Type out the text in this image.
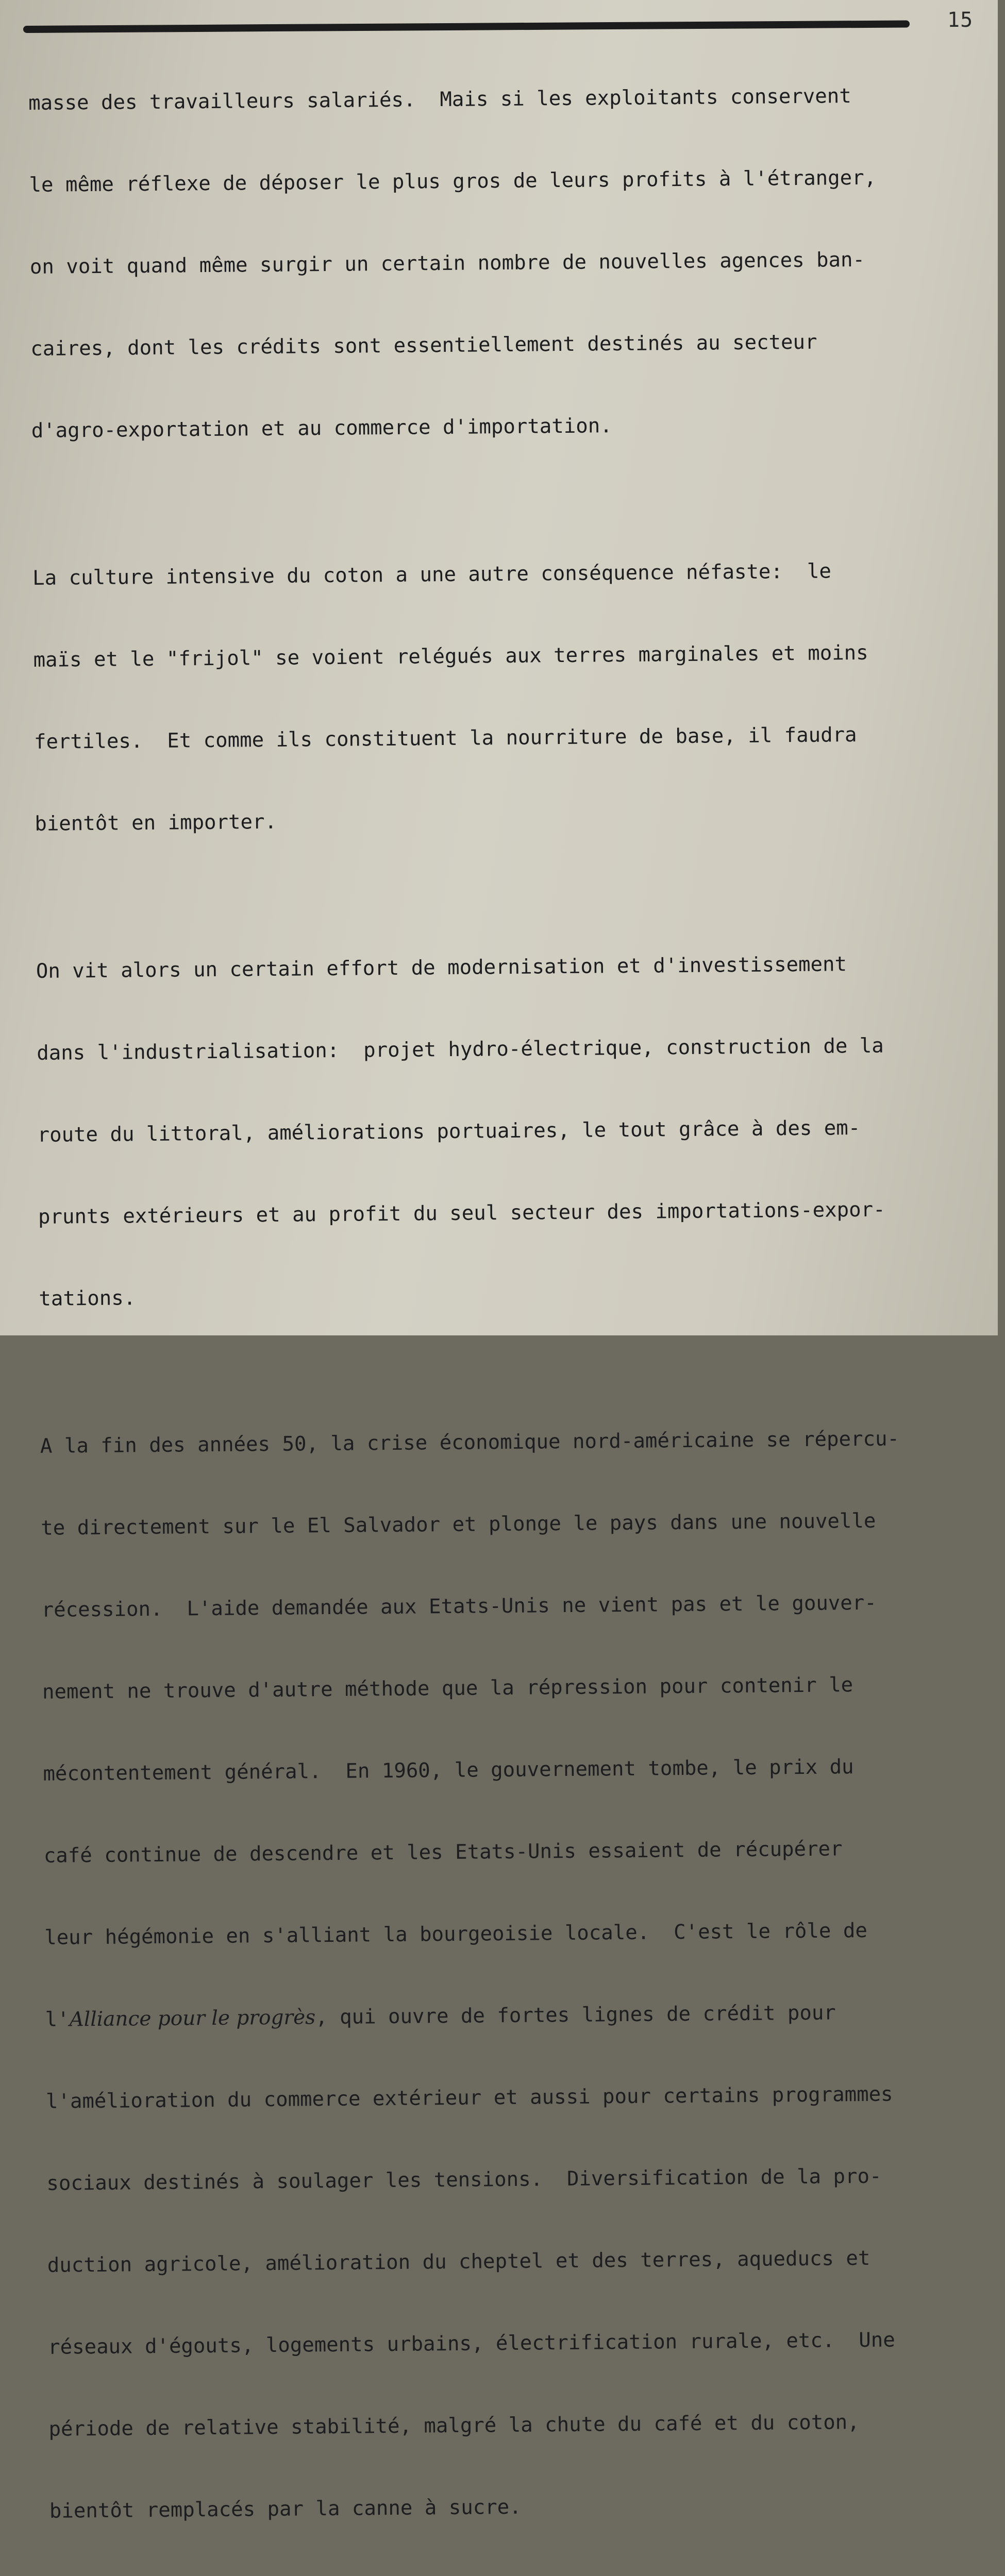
15

masse des travailleurs salariés.  Mais si les exploitants conservent

le même réflexe de déposer le plus gros de leurs profits à l'étranger,

on voit quand même surgir un certain nombre de nouvelles agences ban-

caires, dont les crédits sont essentiellement destinés au secteur

d'agro-exportation et au commerce d'importation.

La culture intensive du coton a une autre conséquence néfaste:  le

maïs et le "frijol" se voient relégués aux terres marginales et moins

fertiles.  Et comme ils constituent la nourriture de base, il faudra

bientôt en importer.

On vit alors un certain effort de modernisation et d'investissement

dans l'industrialisation:  projet hydro-électrique, construction de la

route du littoral, améliorations portuaires, le tout grâce à des em-

prunts extérieurs et au profit du seul secteur des importations-expor-

tations.

A la fin des années 50, la crise économique nord-américaine se répercu-

te directement sur le El Salvador et plonge le pays dans une nouvelle

récession.  L'aide demandée aux Etats-Unis ne vient pas et le gouver-

nement ne trouve d'autre méthode que la répression pour contenir le

mécontentement général.  En 1960, le gouvernement tombe, le prix du

café continue de descendre et les Etats-Unis essaient de récupérer

leur hégémonie en s'alliant la bourgeoisie locale.  C'est le rôle de

l'Alliance pour le progrès, qui ouvre de fortes lignes de crédit pour

l'amélioration du commerce extérieur et aussi pour certains programmes

sociaux destinés à soulager les tensions.  Diversification de la pro-

duction agricole, amélioration du cheptel et des terres, aqueducs et

réseaux d'égouts, logements urbains, électrification rurale, etc.  Une

période de relative stabilité, malgré la chute du café et du coton,

bientôt remplacés par la canne à sucre.
